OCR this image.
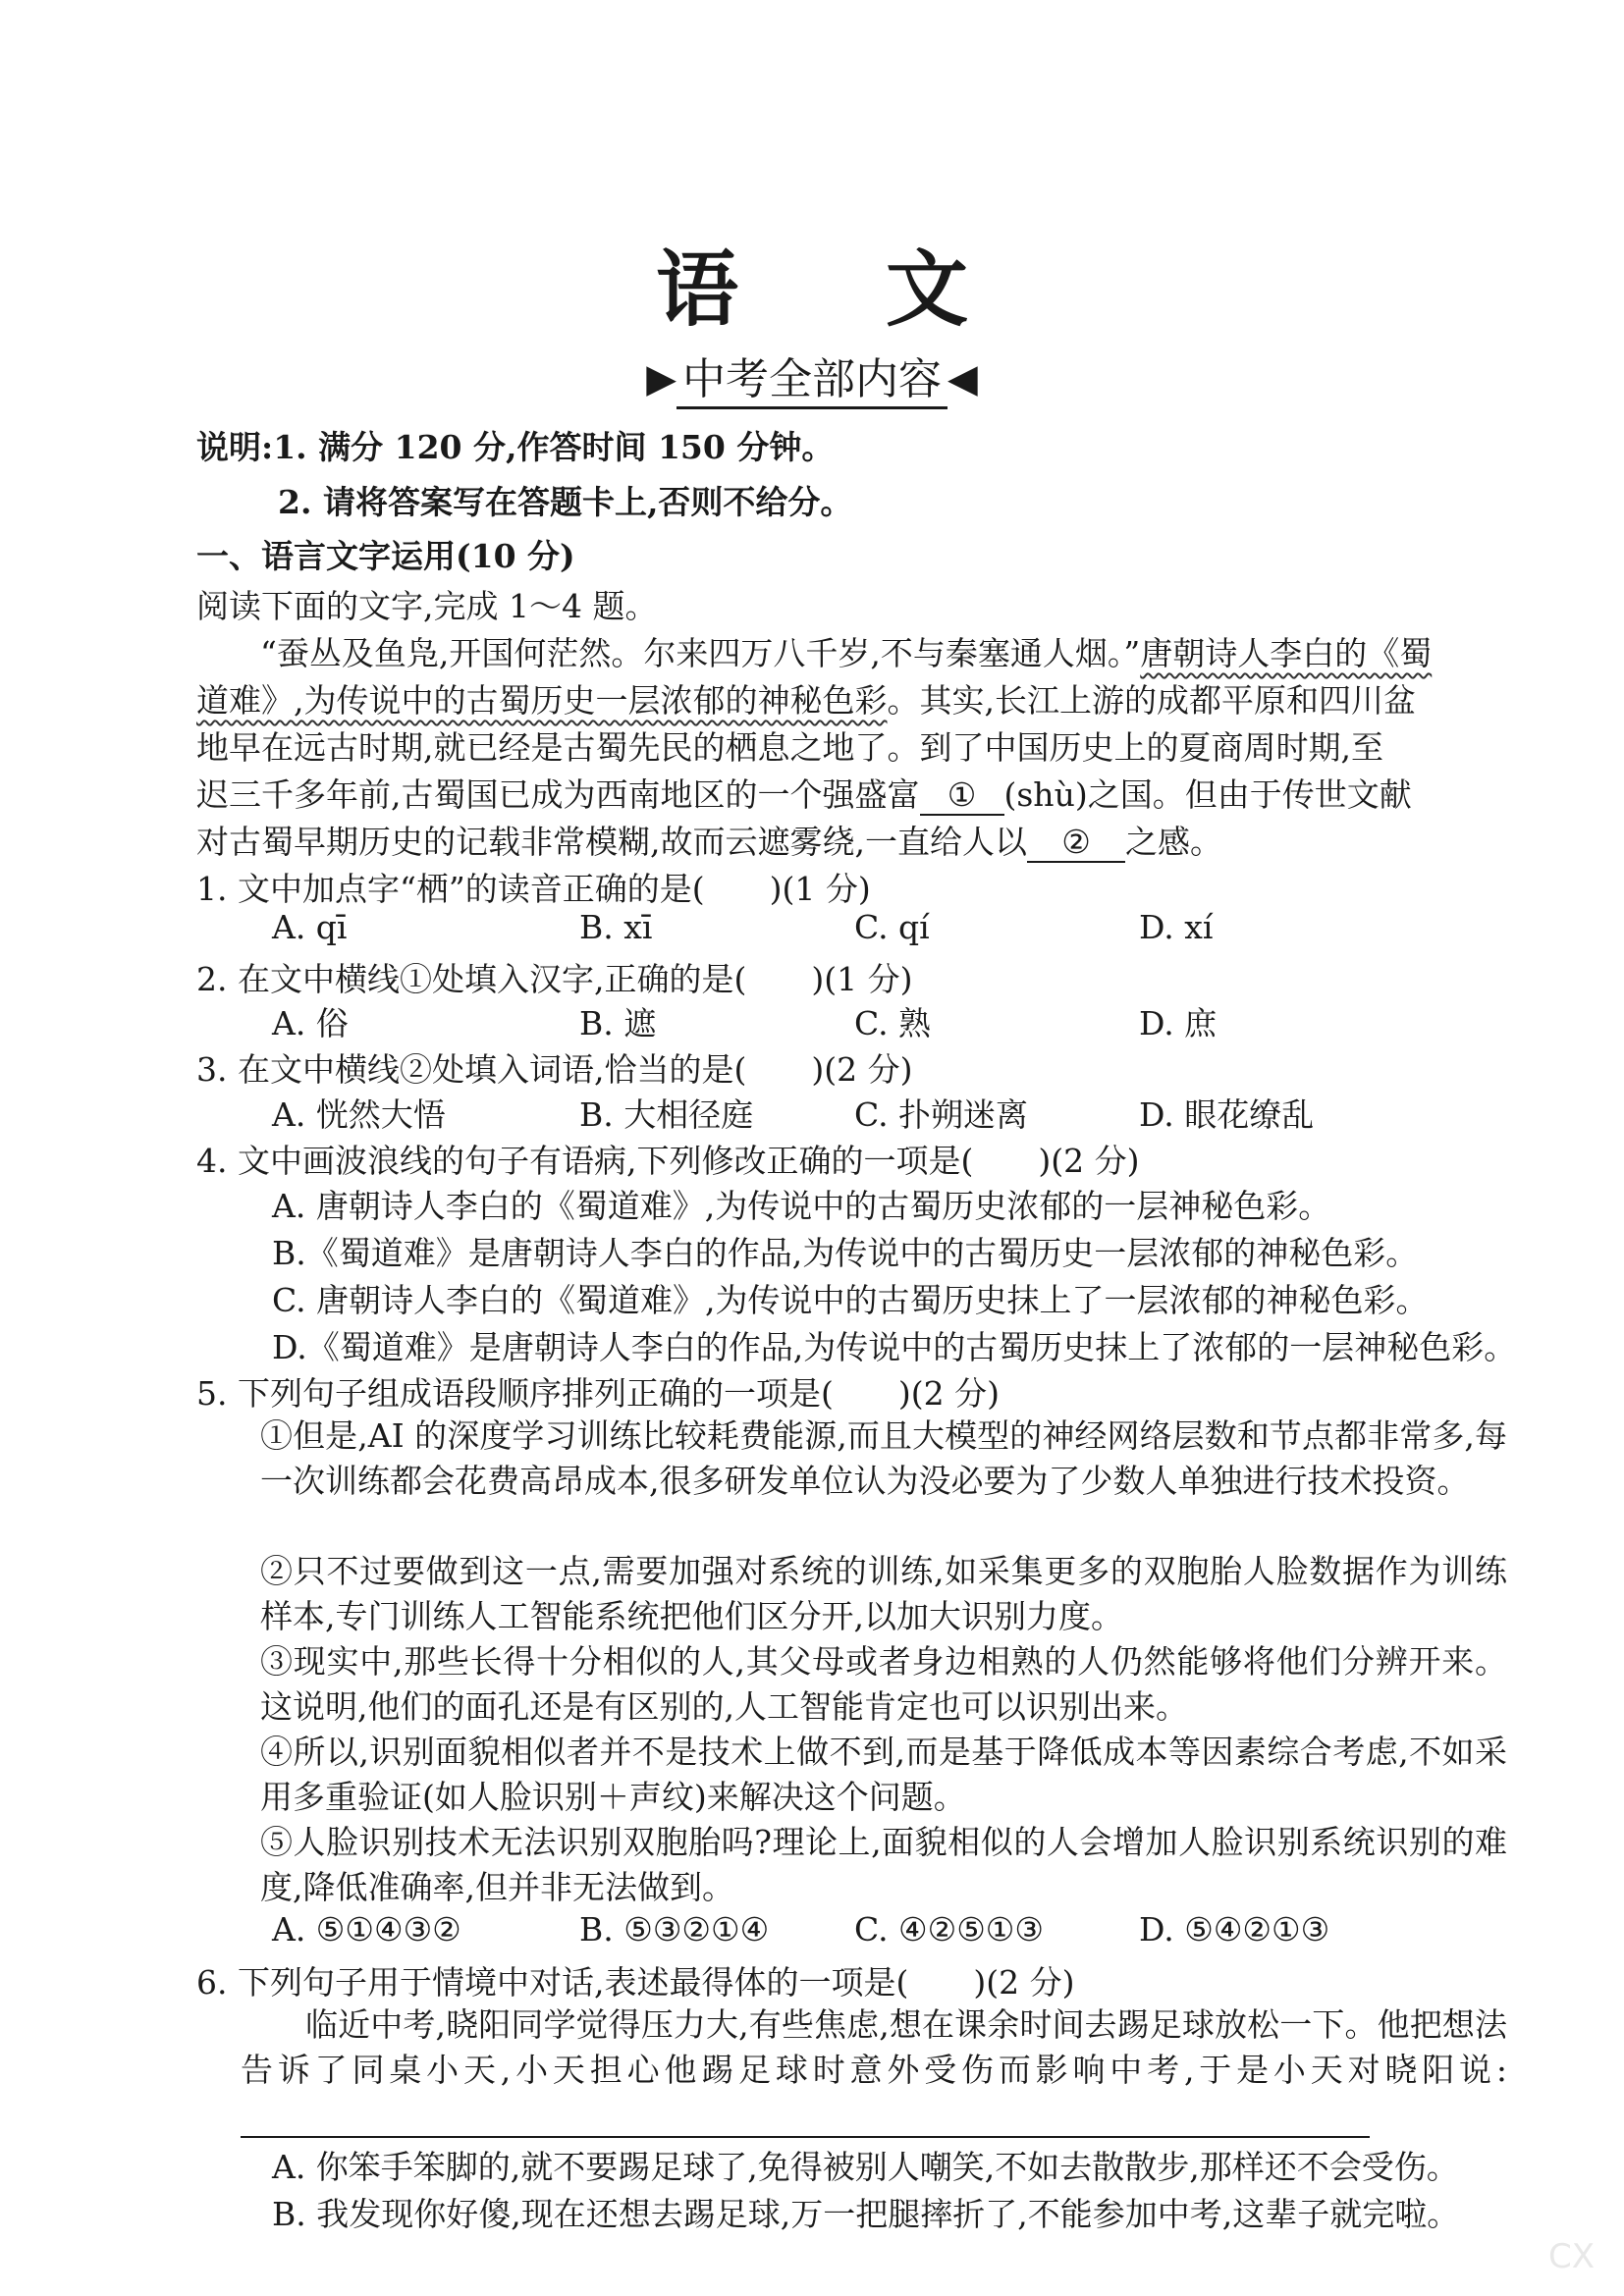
语 文
▶ 中考全部内容 ◀
说明:1. 满分 120 分,作答时间 150 分钟。
2. 请将答案写在答题卡上,否则不给分。
一、语言文字运用(10 分)
阅读下面的文字,完成 1～4 题。
“蚕丛及鱼凫,开国何茫然。尔来四万八千岁,不与秦塞通人烟。”唐朝诗人李白的《蜀
道难》,为传说中的古蜀历史一层浓郁的神秘色彩。其实,长江上游的成都平原和四川盆
地早在远古时期,就已经是古蜀先民的栖息之地了。到了中国历史上的夏商周时期,至
迟三千多年前,古蜀国已成为西南地区的一个强盛富 ① (shù)之国。但由于传世文献
对古蜀早期历史的记载非常模糊,故而云遮雾绕,一直给人以 ② 之感。
1. 文中加点字“栖”的读音正确的是(　　)(1 分)
A. qī	B. xī	C. qí	D. xí
2. 在文中横线①处填入汉字,正确的是(　　)(1 分)
A. 俗	B. 遮	C. 熟	D. 庶
3. 在文中横线②处填入词语,恰当的是(　　)(2 分)
A. 恍然大悟	B. 大相径庭	C. 扑朔迷离	D. 眼花缭乱
4. 文中画波浪线的句子有语病,下列修改正确的一项是(　　)(2 分)
A. 唐朝诗人李白的《蜀道难》,为传说中的古蜀历史浓郁的一层神秘色彩。
B.《蜀道难》是唐朝诗人李白的作品,为传说中的古蜀历史一层浓郁的神秘色彩。
C. 唐朝诗人李白的《蜀道难》,为传说中的古蜀历史抹上了一层浓郁的神秘色彩。
D.《蜀道难》是唐朝诗人李白的作品,为传说中的古蜀历史抹上了浓郁的一层神秘色彩。
5. 下列句子组成语段顺序排列正确的一项是(　　)(2 分)
①但是,AI 的深度学习训练比较耗费能源,而且大模型的神经网络层数和节点都非常多,每一次训练都会花费高昂成本,很多研发单位认为没必要为了少数人单独进行技术投资。
②只不过要做到这一点,需要加强对系统的训练,如采集更多的双胞胎人脸数据作为训练样本,专门训练人工智能系统把他们区分开,以加大识别力度。
③现实中,那些长得十分相似的人,其父母或者身边相熟的人仍然能够将他们分辨开来。这说明,他们的面孔还是有区别的,人工智能肯定也可以识别出来。
④所以,识别面貌相似者并不是技术上做不到,而是基于降低成本等因素综合考虑,不如采用多重验证(如人脸识别＋声纹)来解决这个问题。
⑤人脸识别技术无法识别双胞胎吗?理论上,面貌相似的人会增加人脸识别系统识别的难度,降低准确率,但并非无法做到。
A. ⑤①④③②	B. ⑤③②①④	C. ④②⑤①③	D. ⑤④②①③
6. 下列句子用于情境中对话,表述最得体的一项是(　　)(2 分)
临近中考,晓阳同学觉得压力大,有些焦虑,想在课余时间去踢足球放松一下。他把想法告诉了同桌小天,小天担心他踢足球时意外受伤而影响中考,于是小天对晓阳说:
A. 你笨手笨脚的,就不要踢足球了,免得被别人嘲笑,不如去散散步,那样还不会受伤。
B. 我发现你好傻,现在还想去踢足球,万一把腿摔折了,不能参加中考,这辈子就完啦。
CX
